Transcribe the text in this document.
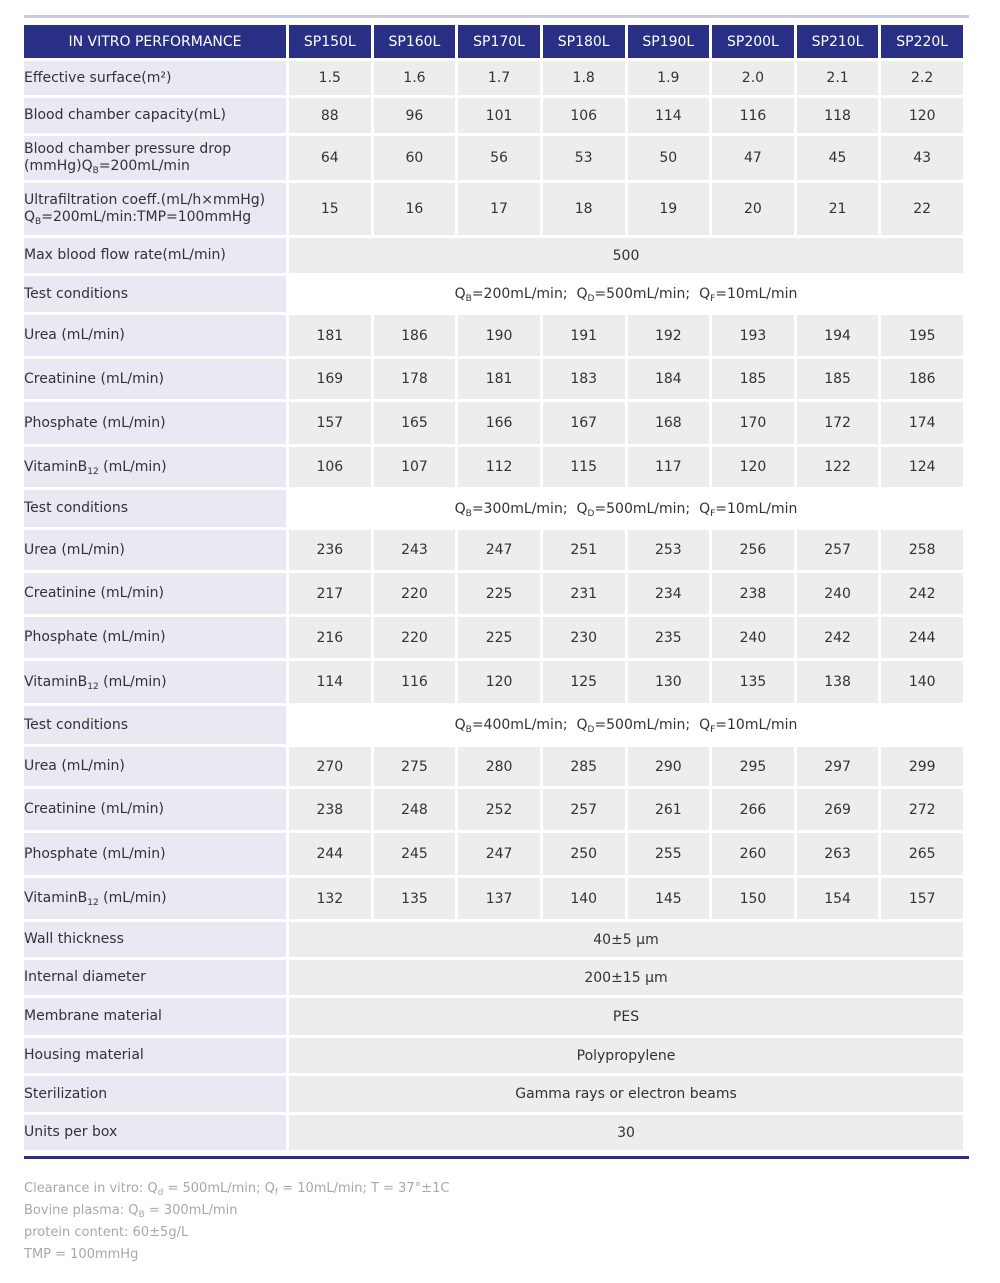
IN VITRO PERFORMANCE	SP150L	SP160L	SP170L	SP180L	SP190L	SP200L	SP210L	SP220L
Effective surface(m²)	1.5	1.6	1.7	1.8	1.9	2.0	2.1	2.2
Blood chamber capacity(mL)	88	96	101	106	114	116	118	120

Blood chamber pressure drop
$(mmHg)Q_B=200mL/\min$	64	60	56	53	50	47	45	43

Ultrafiltration coeff.(mL/h×mmHg)
$Q_B=200mL/\min:TMP=100mmHg$	15	16	17	18	19	20	21	22
Max blood flow rate(mL/min)	500							
Test conditions	$Q_B=200mL/\min$; $Q_D=500mL/\min$; $Q_F=10mL/\min$							
Urea (mL/min)	181	186	190	191	192	193	194	195
Creatinine (mL/min)	169	178	181	183	184	185	185	186
Phosphate (mL/min)	157	165	166	167	168	170	172	174
VitaminB$_{12}$ (mL/min)	106	107	112	115	117	120	122	124
Test conditions	$Q_B=300mL/\min$; $Q_D=500mL/\min$; $Q_F=10mL/\min$							
Urea (mL/min)	236	243	247	251	253	256	257	258
Creatinine (mL/min)	217	220	225	231	234	238	240	242
Phosphate (mL/min)	216	220	225	230	235	240	242	244
VitaminB$_{12}$ (mL/min)	114	116	120	125	130	135	138	140
Test conditions	$Q_B=400mL/\min$; $Q_D=500mL/\min$; $Q_F=10mL/\min$							
Urea (mL/min)	270	275	280	285	290	295	297	299
Creatinine (mL/min)	238	248	252	257	261	266	269	272
Phosphate (mL/min)	244	245	247	250	255	260	263	265
VitaminB$_{12}$ (mL/min)	132	135	137	140	145	150	154	157
Wall thickness	40±5 μm							
Internal diameter	200±15 μm							
Membrane material	PES							
Housing material	Polypropylene							
Sterilization	Gamma rays or electron beams							
Units per box	30							
Clearance in vitro: $Q_d = 500mL/\min$; $Q_f = 10mL/\min$; T = 37°±1C
Bovine plasma: $Q_B = 300mL/\min$
protein content: 60±5g/L
TMP = 100mmHg
